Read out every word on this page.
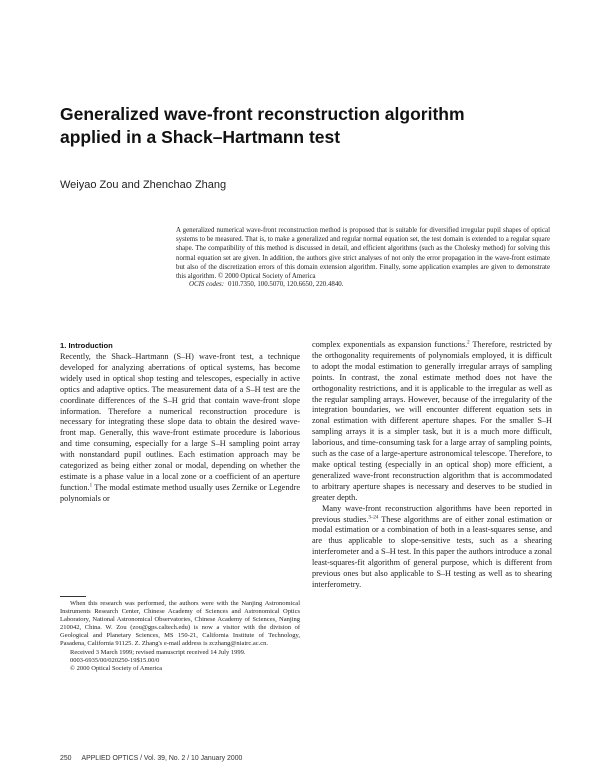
Generalized wave-front reconstruction algorithm
applied in a Shack–Hartmann test
Weiyao Zou and Zhenchao Zhang

A generalized numerical wave-front reconstruction method is proposed that is suitable for diversified irregular pupil shapes of optical systems to be measured. That is, to make a generalized and regular normal equation set, the test domain is extended to a regular square shape. The compatibility of this method is discussed in detail, and efficient algorithms (such as the Cholesky method) for solving this normal equation set are given. In addition, the authors give strict analyses of not only the error propagation in the wave-front estimate but also of the discretization errors of this domain extension algorithm. Finally, some application examples are given to demonstrate this algorithm. © 2000 Optical Society of America

OCIS codes: 010.7350, 100.5070, 120.6650, 220.4840.
1. Introduction

Recently, the Shack–Hartmann (S–H) wave-front test, a technique developed for analyzing aberrations of optical systems, has become widely used in optical shop testing and telescopes, especially in active optics and adaptive optics. The measurement data of a S–H test are the coordinate differences of the S–H grid that contain wave-front slope information. Therefore a numerical reconstruction procedure is necessary for integrating these slope data to obtain the desired wave-front map. Generally, this wave-front estimate procedure is laborious and time consuming, especially for a large S–H sampling point array with nonstandard pupil outlines. Each estimation approach may be categorized as being either zonal or modal, depending on whether the estimate is a phase value in a local zone or a coefficient of an aperture function.$^1$ The modal estimate method usually uses Zernike or Legendre polynomials or

complex exponentials as expansion functions.$^2$ Therefore, restricted by the orthogonality requirements of polynomials employed, it is difficult to adopt the modal estimation to generally irregular arrays of sampling points. In contrast, the zonal estimate method does not have the orthogonality restrictions, and it is applicable to the irregular as well as the regular sampling arrays. However, because of the irregularity of the integration boundaries, we will encounter different equation sets in zonal estimation with different aperture shapes. For the smaller S–H sampling arrays it is a simpler task, but it is a much more difficult, laborious, and time-consuming task for a large array of sampling points, such as the case of a large-aperture astronomical telescope. Therefore, to make optical testing (especially in an optical shop) more efficient, a generalized wave-front reconstruction algorithm that is accommodated to arbitrary aperture shapes is necessary and deserves to be studied in greater depth.

Many wave-front reconstruction algorithms have been reported in previous studies.$^{3-24}$ These algorithms are of either zonal estimation or modal estimation or a combination of both in a least-squares sense, and are thus applicable to slope-sensitive tests, such as a shearing interferometer and a S–H test. In this paper the authors introduce a zonal least-squares-fit algorithm of general purpose, which is different from previous ones but also applicable to S–H testing as well as to shearing interferometry.

When this research was performed, the authors were with the Nanjing Astronomical Instruments Research Center, Chinese Academy of Sciences and Astronomical Optics Laboratory, National Astronomical Observatories, Chinese Academy of Sciences, Nanjing 210042, China. W. Zou (zou@gps.caltech.edu) is now a visitor with the division of Geological and Planetary Sciences, MS 150-21, California Institute of Technology, Pasadena, California 91125. Z. Zhang's e-mail address is zczhang@niairc.ac.cn.

Received 3 March 1999; revised manuscript received 14 July 1999.

0003-6935/00/020250-19$15.00/0

© 2000 Optical Society of America

250 APPLIED OPTICS / Vol. 39, No. 2 / 10 January 2000
